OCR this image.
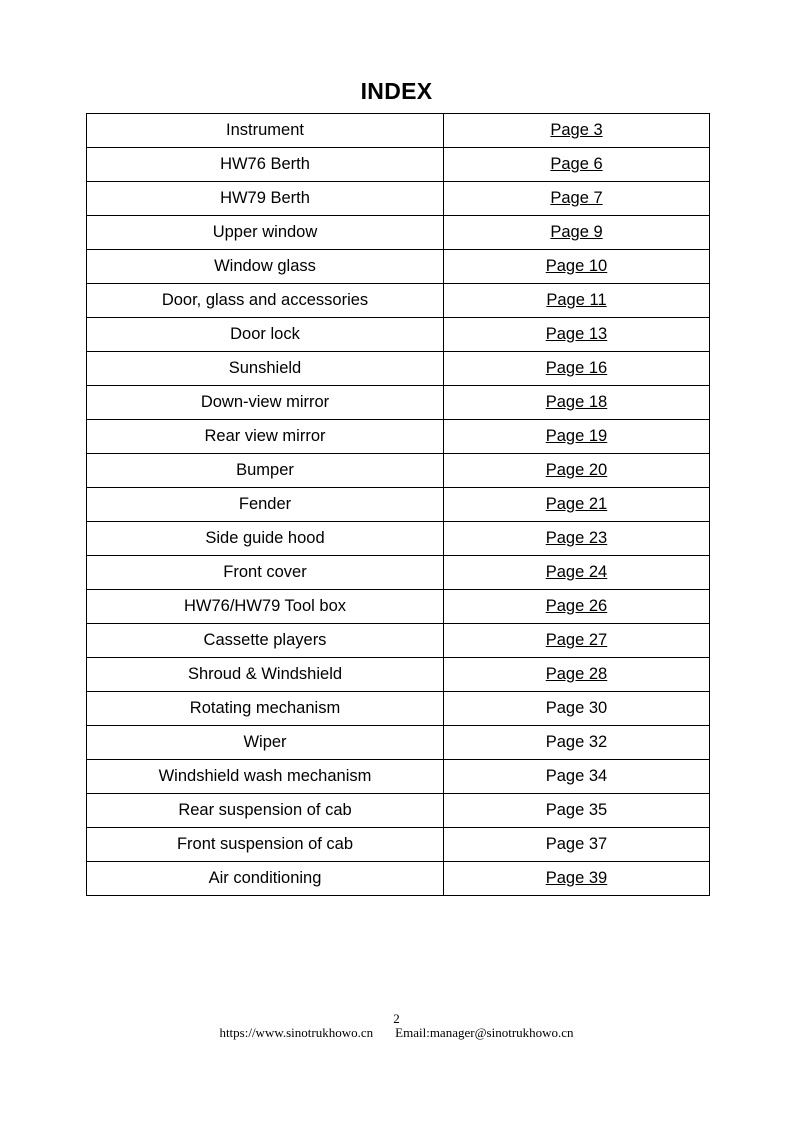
INDEX
Instrument	Page 3
HW76 Berth	Page 6
HW79 Berth	Page 7
Upper window	Page 9
Window glass	Page 10
Door, glass and accessories	Page 11
Door lock	Page 13
Sunshield	Page 16
Down-view mirror	Page 18
Rear view mirror	Page 19
Bumper	Page 20
Fender	Page 21
Side guide hood	Page 23
Front cover	Page 24
HW76/HW79 Tool box	Page 26
Cassette players	Page 27
Shroud & Windshield	Page 28
Rotating mechanism	Page 30
Wiper	Page 32
Windshield wash mechanism	Page 34
Rear suspension of cab	Page 35
Front suspension of cab	Page 37
Air conditioning	Page 39
2
https://www.sinotrukhowo.cn Email:manager@sinotrukhowo.cn
